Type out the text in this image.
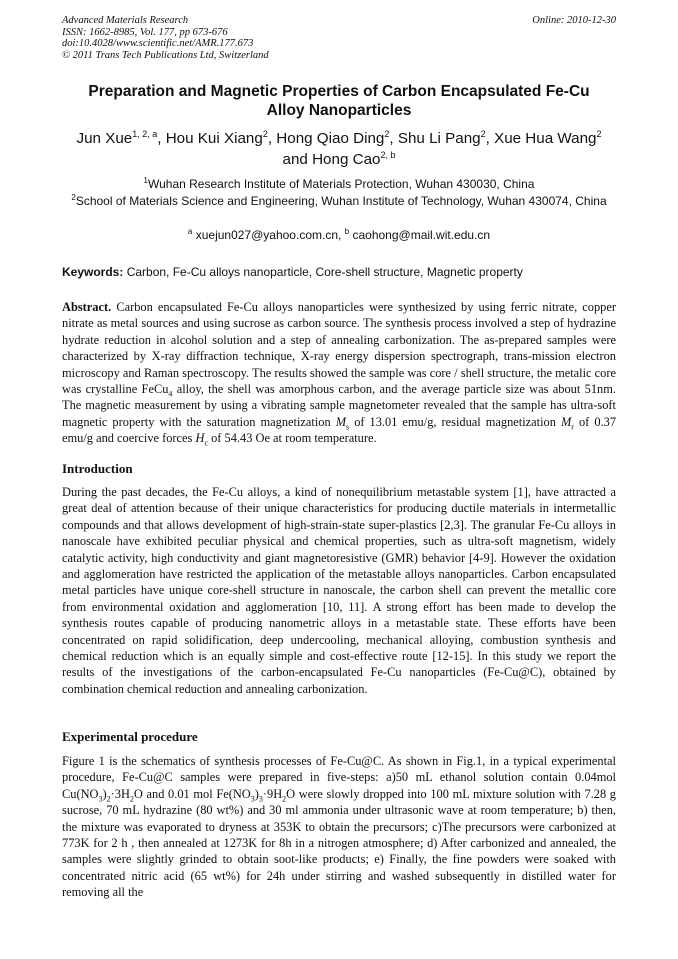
Advanced Materials Research
ISSN: 1662-8985, Vol. 177, pp 673-676
doi:10.4028/www.scientific.net/AMR.177.673
© 2011 Trans Tech Publications Ltd, Switzerland
Online: 2010-12-30
Preparation and Magnetic Properties of Carbon Encapsulated Fe-Cu
Alloy Nanoparticles
Jun Xue$^{1, 2, a}$, Hou Kui Xiang$^2$, Hong Qiao Ding$^2$, Shu Li Pang$^2$, Xue Hua Wang$^2$
and Hong Cao$^{2, b}$
$^1$Wuhan Research Institute of Materials Protection, Wuhan 430030, China
$^2$School of Materials Science and Engineering, Wuhan Institute of Technology, Wuhan 430074, China
$^a$ xuejun027@yahoo.com.cn, $^b$ caohong@mail.wit.edu.cn
Keywords: Carbon, Fe-Cu alloys nanoparticle, Core-shell structure, Magnetic property
Abstract. Carbon encapsulated Fe-Cu alloys nanoparticles were synthesized by using ferric nitrate, copper nitrate as metal sources and using sucrose as carbon source. The synthesis process involved a step of hydrazine hydrate reduction in alcohol solution and a step of annealing carbonization. The as-prepared samples were characterized by X-ray diffraction technique, X-ray energy dispersion spectrograph, trans-mission electron microscopy and Raman spectroscopy. The results showed the sample was core / shell structure, the metalic core was crystalline FeCu$_4$ alloy, the shell was amorphous carbon, and the average particle size was about 51nm. The magnetic measurement by using a vibrating sample magnetometer revealed that the sample has ultra-soft magnetic property with the saturation magnetization $M_s$ of 13.01 emu/g, residual magnetization $M_r$ of 0.37 emu/g and coercive forces $H_c$ of 54.43 Oe at room temperature.
Introduction
During the past decades, the Fe-Cu alloys, a kind of nonequilibrium metastable system [1], have attracted a great deal of attention because of their unique characteristics for producing ductile materials in intermetallic compounds and that allows development of high-strain-state super-plastics [2,3]. The granular Fe-Cu alloys in nanoscale have exhibited peculiar physical and chemical properties, such as ultra-soft magnetism, widely catalytic activity, high conductivity and giant magnetoresistive (GMR) behavior [4-9]. However the oxidation and agglomeration have restricted the application of the metastable alloys nanoparticles. Carbon encapsulated metal particles have unique core-shell structure in nanoscale, the carbon shell can prevent the metallic core from environmental oxidation and agglomeration [10, 11]. A strong effort has been made to develop the synthesis routes capable of producing nanometric alloys in a metastable state. These efforts have been concentrated on rapid solidification, deep undercooling, mechanical alloying, combustion synthesis and chemical reduction which is an equally simple and cost-effective route [12-15]. In this study we report the results of the investigations of the carbon-encapsulated Fe-Cu nanoparticles (Fe-Cu@C), obtained by combination chemical reduction and annealing carbonization.
Experimental procedure
Figure 1 is the schematics of synthesis processes of Fe-Cu@C. As shown in Fig.1, in a typical experimental procedure, Fe-Cu@C samples were prepared in five-steps: a)50 mL ethanol solution contain 0.04mol $Cu(NO_3)_2\cdot 3H_2O$ and 0.01 mol $Fe(NO_3)_3\cdot 9H_2O$ were slowly dropped into 100 mL mixture solution with 7.28 g sucrose, 70 mL hydrazine (80 wt%) and 30 ml ammonia under ultrasonic wave at room temperature; b) then, the mixture was evaporated to dryness at 353K to obtain the precursors; c)The precursors were carbonized at 773K for 2 h , then annealed at 1273K for 8h in a nitrogen atmosphere; d) After carbonized and annealed, the samples were slightly grinded to obtain soot-like products; e) Finally, the fine powders were soaked with concentrated nitric acid (65 wt%) for 24h under stirring and washed subsequently in distilled water for removing all the
